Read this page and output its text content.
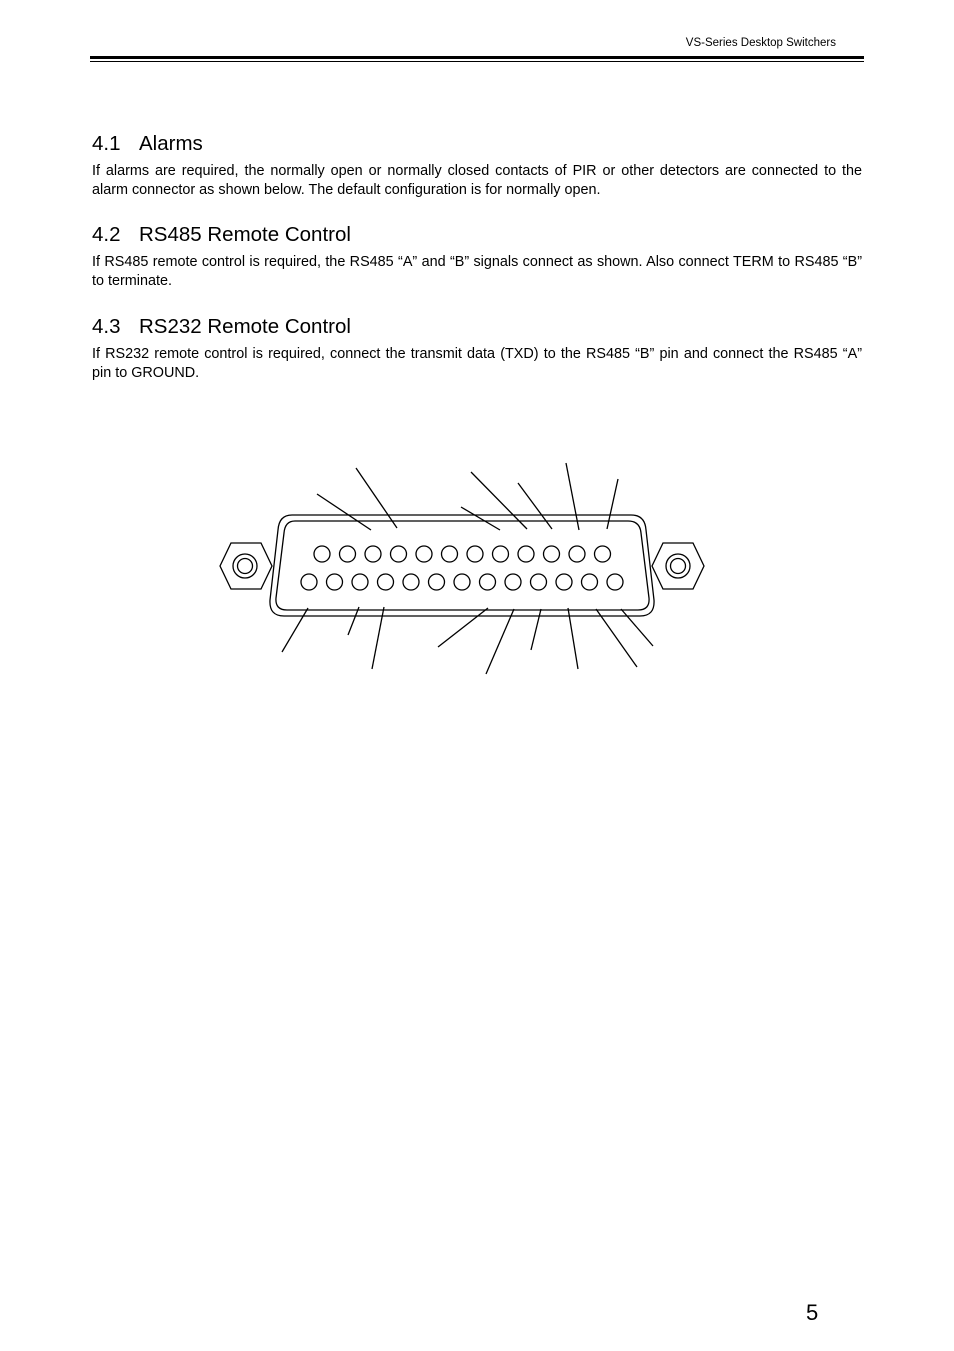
VS-Series Desktop Switchers
4.1 Alarms

If alarms are required, the normally open or normally closed contacts of PIR or other detectors are connected to the alarm connector as shown below. The default configuration is for normally open.

4.2 RS485 Remote Control

If RS485 remote control is required, the RS485 “A” and “B” signals connect as shown. Also connect TERM to RS485 “B” to terminate.

4.3 RS232 Remote Control

If RS232 remote control is required, connect the transmit data (TXD) to the RS485 “B” pin and connect the RS485 “A” pin to GROUND.

5
